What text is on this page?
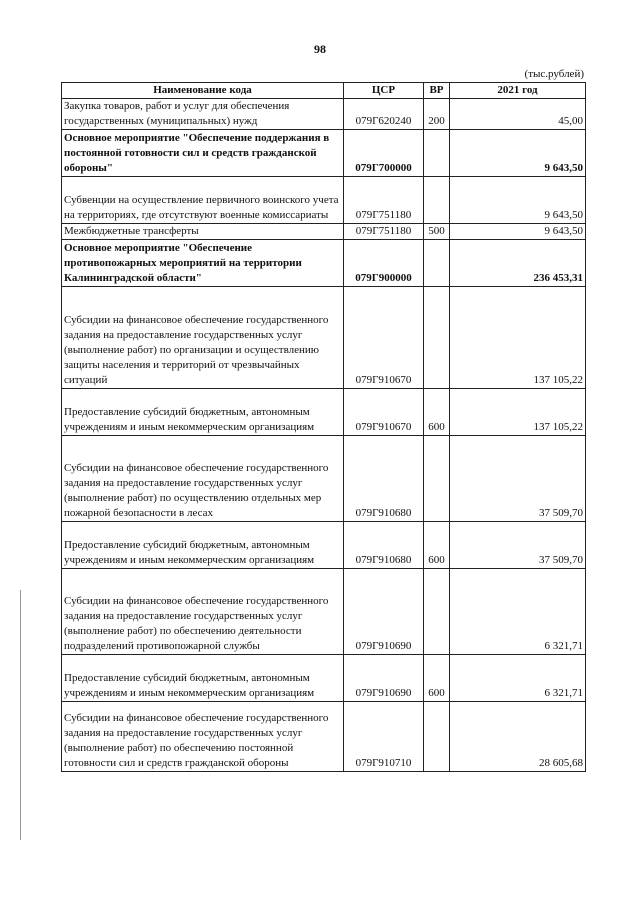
98
(тыс.рублей)
Наименование кода	ЦСР	ВР	2021 год
Закупка товаров, работ и услуг для обеспечения государственных (муниципальных) нужд	079Г620240	200	45,00
Основное мероприятие "Обеспечение поддержания в постоянной готовности сил и средств гражданской обороны"	079Г700000		9 643,50
Субвенции на осуществление первичного воинского учета на территориях, где отсутствуют военные комиссариаты	079Г751180		9 643,50
Межбюджетные трансферты	079Г751180	500	9 643,50
Основное мероприятие "Обеспечение противопожарных мероприятий на территории Калининградской области"	079Г900000		236 453,31
Субсидии на финансовое обеспечение государственного задания на предоставление государственных услуг (выполнение работ) по организации и осуществлению защиты населения и территорий от чрезвычайных ситуаций	079Г910670		137 105,22
Предоставление субсидий бюджетным, автономным учреждениям и иным некоммерческим организациям	079Г910670	600	137 105,22
Субсидии на финансовое обеспечение государственного задания на предоставление государственных услуг (выполнение работ) по осуществлению отдельных мер пожарной безопасности в лесах	079Г910680		37 509,70
Предоставление субсидий бюджетным, автономным учреждениям и иным некоммерческим организациям	079Г910680	600	37 509,70
Субсидии на финансовое обеспечение государственного задания на предоставление государственных услуг (выполнение работ) по обеспечению деятельности подразделений противопожарной службы	079Г910690		6 321,71
Предоставление субсидий бюджетным, автономным учреждениям и иным некоммерческим организациям	079Г910690	600	6 321,71
Субсидии на финансовое обеспечение государственного задания на предоставление государственных услуг (выполнение работ) по обеспечению постоянной готовности сил и средств гражданской обороны	079Г910710		28 605,68
